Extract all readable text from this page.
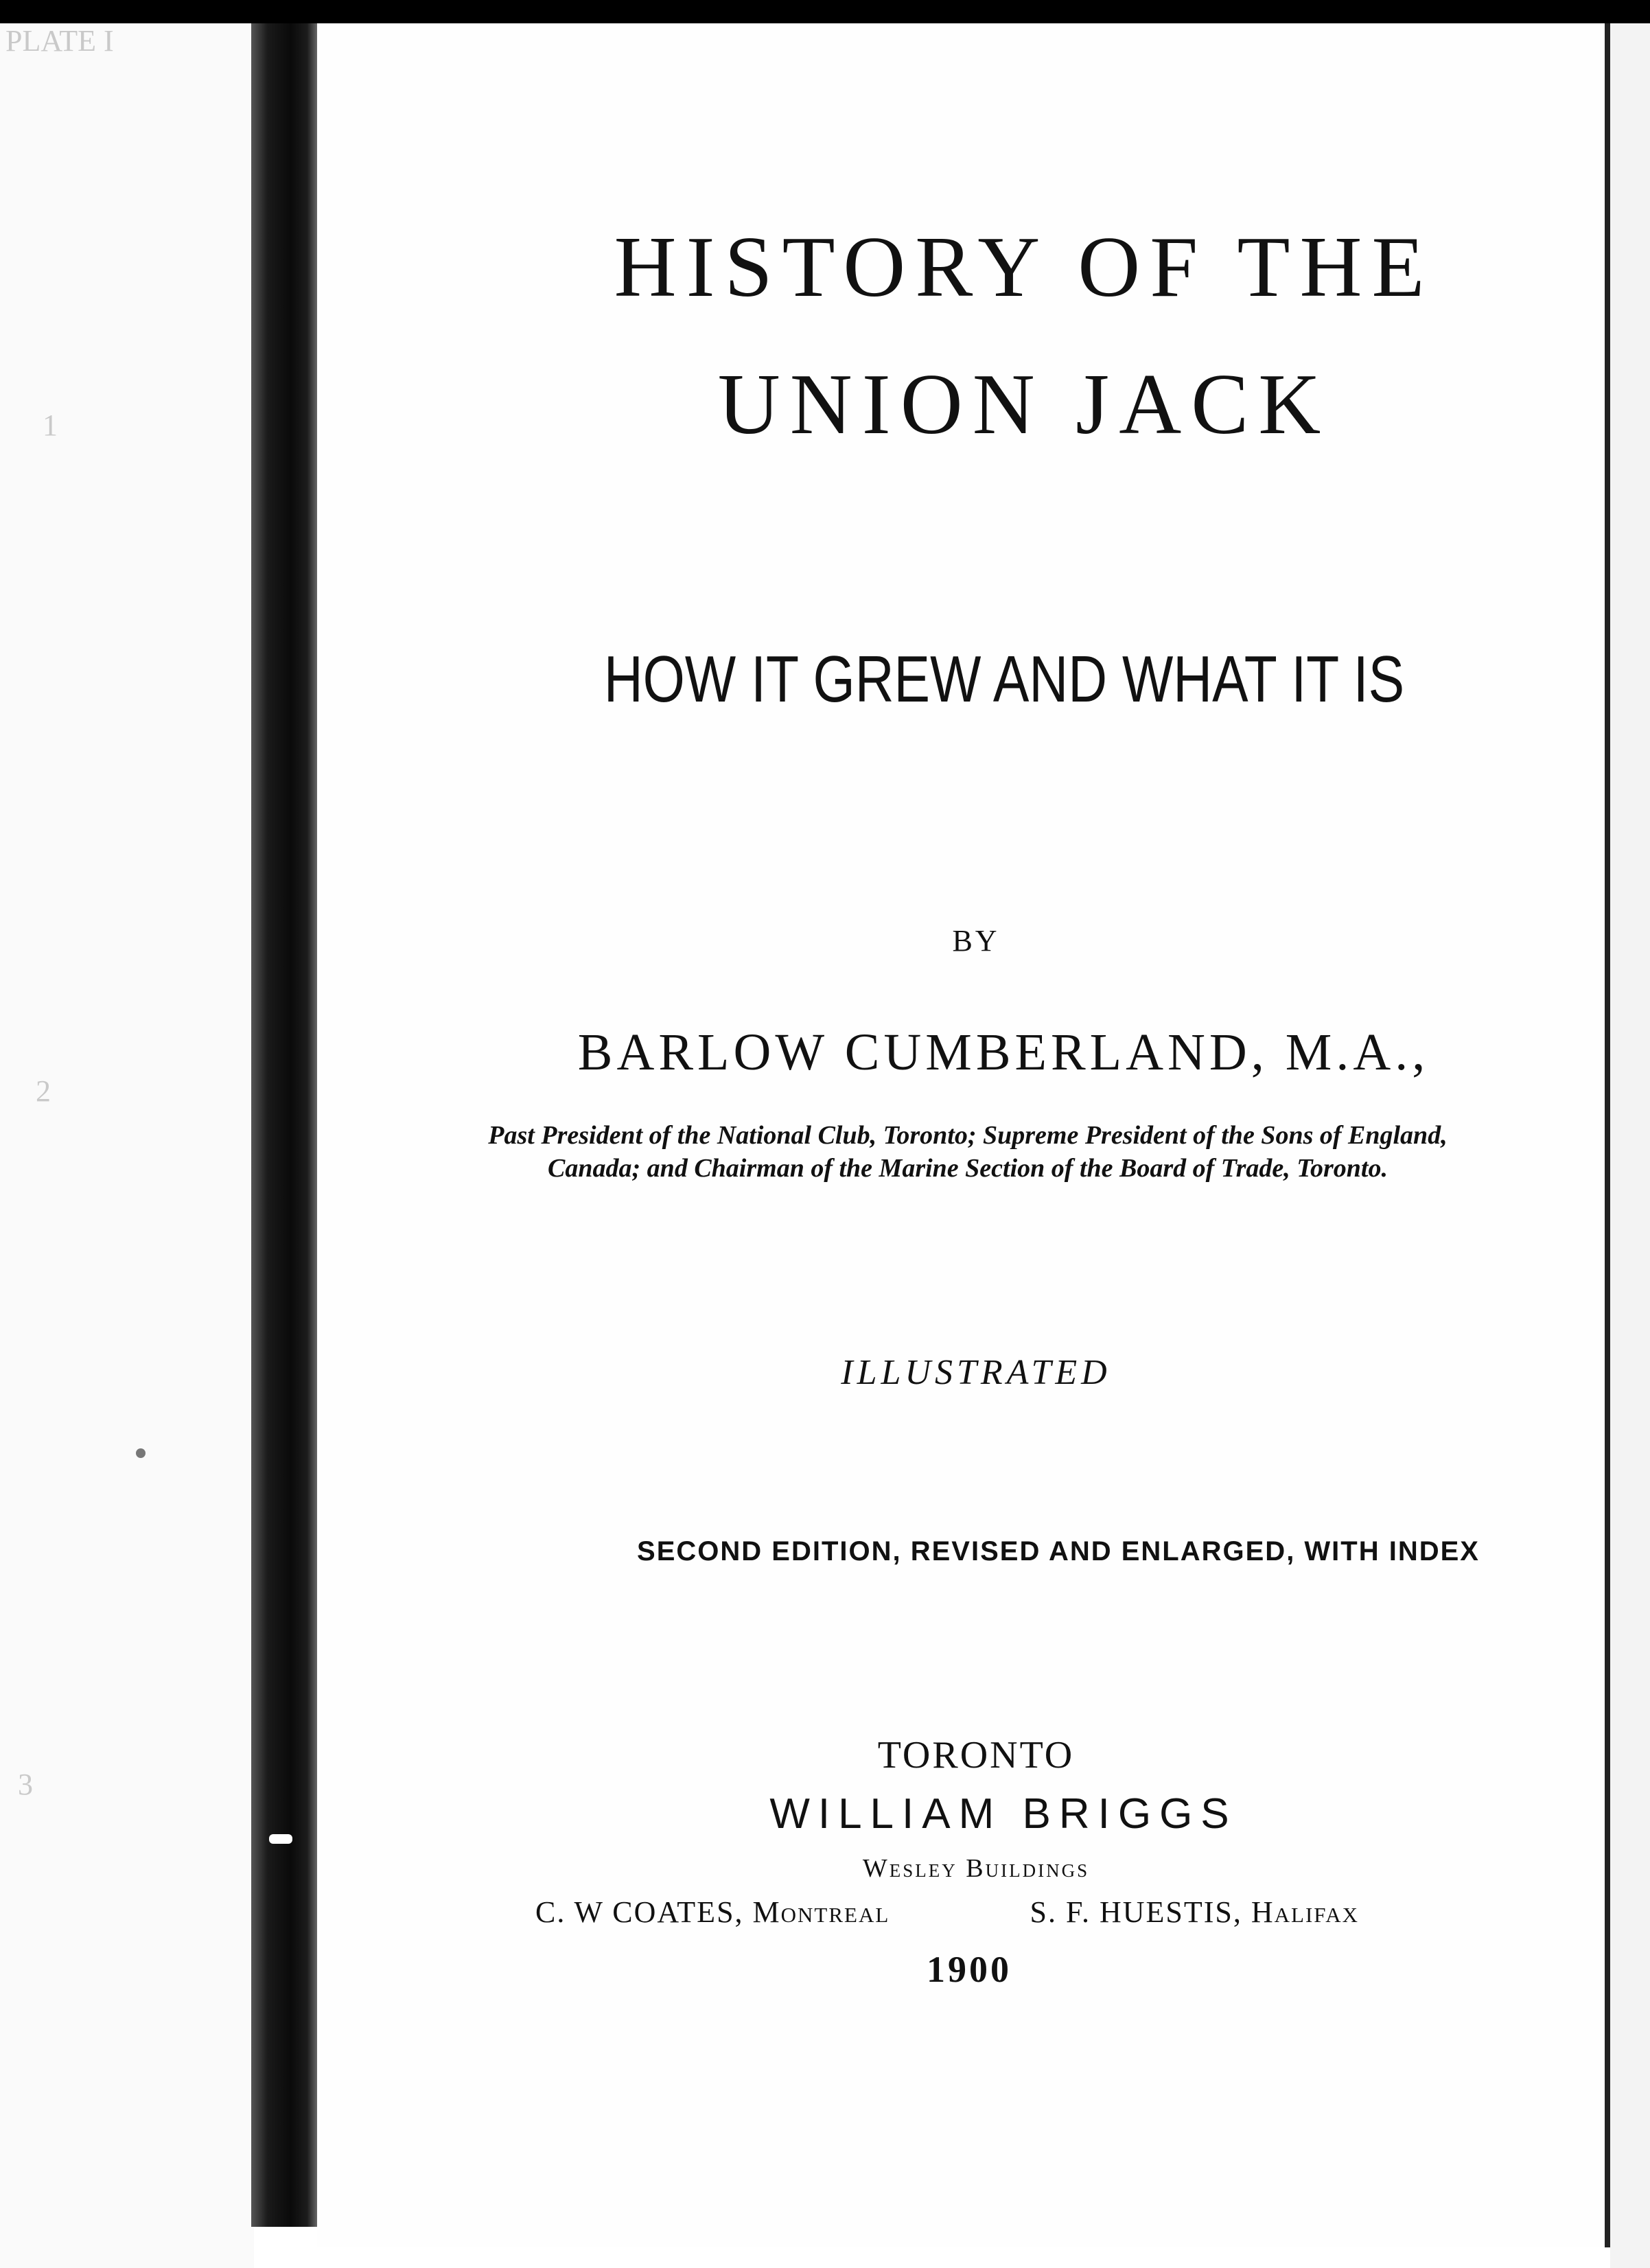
PLATE I
1
2
3
HISTORY OF THE
UNION JACK
HOW IT GREW AND WHAT IT IS
BY
BARLOW CUMBERLAND, M.A.,
Past President of the National Club, Toronto; Supreme President of the Sons of England, Canada; and Chairman of the Marine Section of the Board of Trade, Toronto.
ILLUSTRATED
SECOND EDITION, REVISED AND ENLARGED, WITH INDEX
TORONTO
WILLIAM BRIGGS
Wesley Buildings
C. W COATES, Montreal	S. F. HUESTIS, Halifax
1900
